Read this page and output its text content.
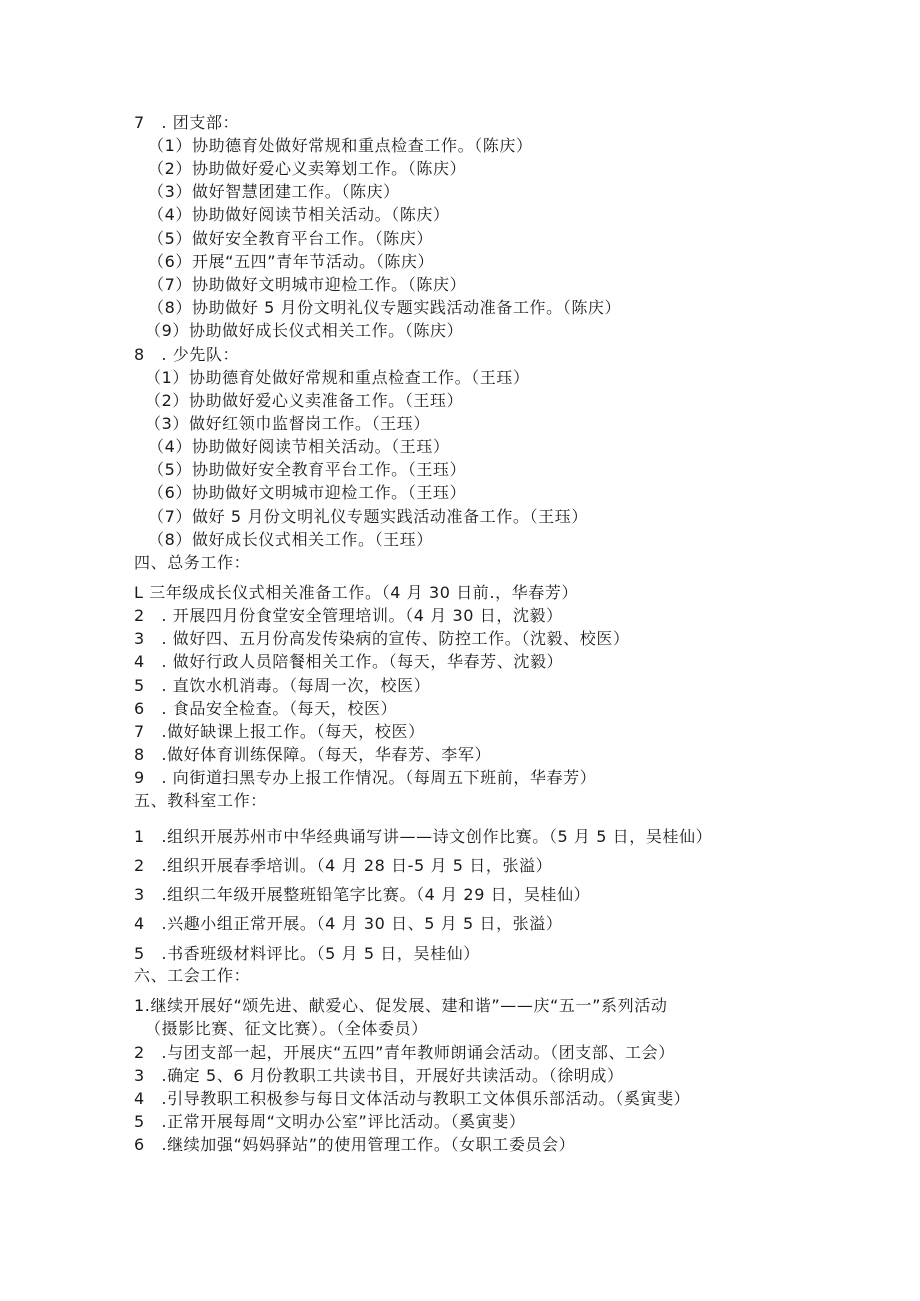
7　. 团支部：
（1）协助德育处做好常规和重点检查工作。（陈庆）
（2）协助做好爱心义卖筹划工作。（陈庆）
（3）做好智慧团建工作。（陈庆）
（4）协助做好阅读节相关活动。（陈庆）
（5）做好安全教育平台工作。（陈庆）
（6）开展“五四”青年节活动。（陈庆）
（7）协助做好文明城市迎检工作。（陈庆）
（8）协助做好 5 月份文明礼仪专题实践活动准备工作。（陈庆）
（9）协助做好成长仪式相关工作。（陈庆）
8　. 少先队：
（1）协助德育处做好常规和重点检查工作。（王珏）
（2）协助做好爱心义卖准备工作。（王珏）
（3）做好红领巾监督岗工作。（王珏）
（4）协助做好阅读节相关活动。（王珏）
（5）协助做好安全教育平台工作。（王珏）
（6）协助做好文明城市迎检工作。（王珏）
（7）做好 5 月份文明礼仪专题实践活动准备工作。（王珏）
（8）做好成长仪式相关工作。（王珏）
四、总务工作：
L 三年级成长仪式相关准备工作。（4 月 30 日前.，华春芳）
2　. 开展四月份食堂安全管理培训。（4 月 30 日，沈毅）
3　. 做好四、五月份高发传染病的宣传、防控工作。（沈毅、校医）
4　. 做好行政人员陪餐相关工作。（每天，华春芳、沈毅）
5　. 直饮水机消毒。（每周一次，校医）
6　. 食品安全检查。（每天，校医）
7　.做好缺课上报工作。（每天，校医）
8　.做好体育训练保障。（每天，华春芳、李军）
9　. 向街道扫黑专办上报工作情况。（每周五下班前，华春芳）
五、教科室工作：
1　.组织开展苏州市中华经典诵写讲——诗文创作比赛。（5 月 5 日，吴桂仙）
2　.组织开展春季培训。（4 月 28 日-5 月 5 日，张溢）
3　.组织二年级开展整班铅笔字比赛。（4 月 29 日，吴桂仙）
4　.兴趣小组正常开展。（4 月 30 日、5 月 5 日，张溢）
5　.书香班级材料评比。（5 月 5 日，吴桂仙）
六、工会工作：
1.继续开展好“颂先进、献爱心、促发展、建和谐”——庆“五一”系列活动
（摄影比赛、征文比赛）。（全体委员）
2　.与团支部一起，开展庆“五四”青年教师朗诵会活动。（团支部、工会）
3　.确定 5、6 月份教职工共读书目，开展好共读活动。（徐明成）
4　.引导教职工积极参与每日文体活动与教职工文体俱乐部活动。（奚寅斐）
5　.正常开展每周“文明办公室”评比活动。（奚寅斐）
6　.继续加强“妈妈驿站”的使用管理工作。（女职工委员会）
